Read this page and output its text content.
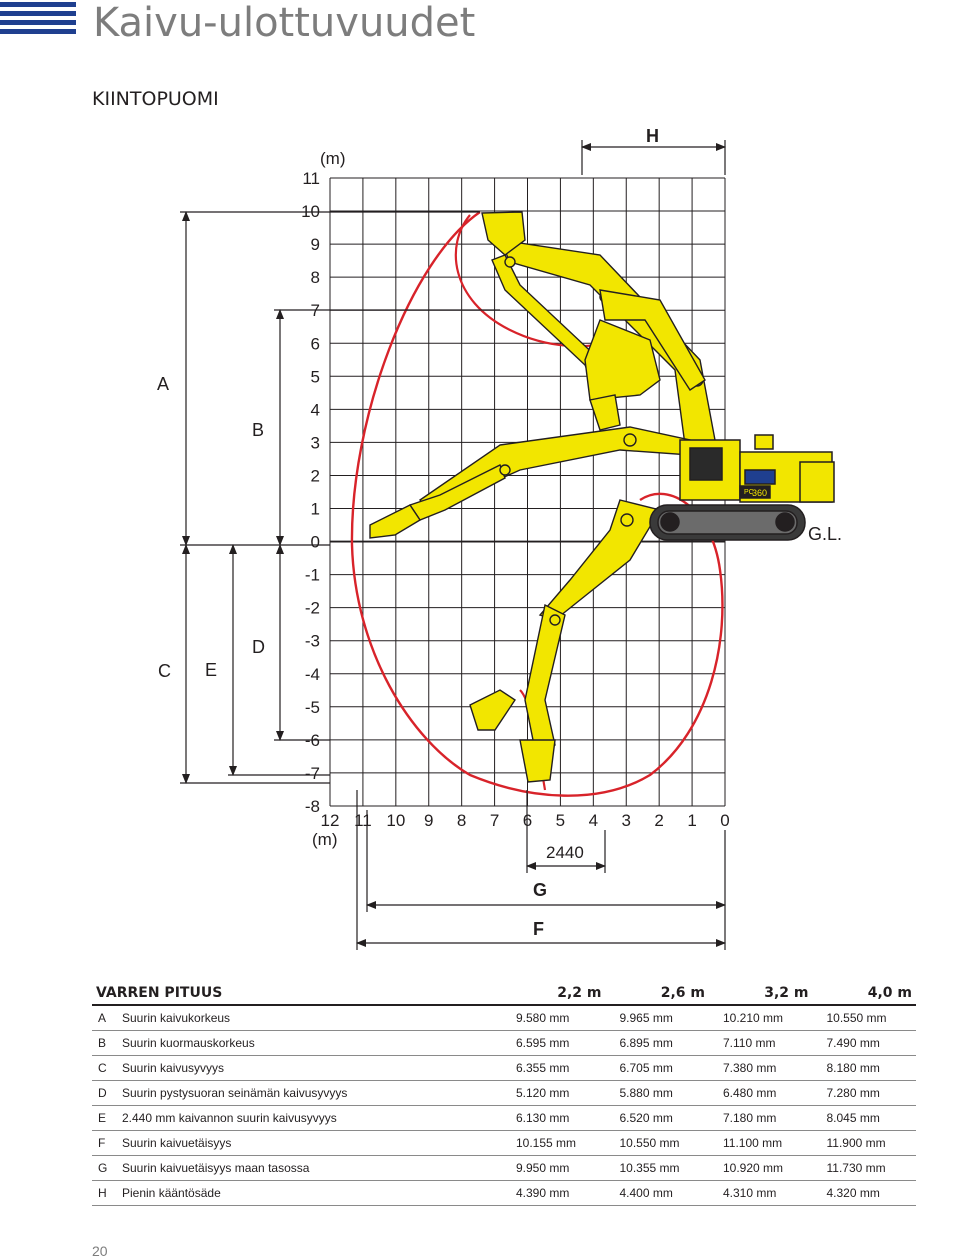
Kaivu-ulottuvuudet
KIINTOPUOMI
11
10
9
8
7
6
5
4
3
2
1
0
-1
-2
-3
-4
-5
-6
-7
-8
12 11 10 9 8 7 6 5 4 3 2 1 0
(m)
(m)
PC
360
G.L.
A
B
C E
D
H
2440
G
F
VARREN PITUUS		2,2 m	2,6 m	3,2 m	4,0 m
A	Suurin kaivukorkeus	9.580 mm	9.965 mm	10.210 mm	10.550 mm
B	Suurin kuormauskorkeus	6.595 mm	6.895 mm	7.110 mm	7.490 mm
C	Suurin kaivusyvyys	6.355 mm	6.705 mm	7.380 mm	8.180 mm
D	Suurin pystysuoran seinämän kaivusyvyys	5.120 mm	5.880 mm	6.480 mm	7.280 mm
E	2.440 mm kaivannon suurin kaivusyvyys	6.130 mm	6.520 mm	7.180 mm	8.045 mm
F	Suurin kaivuetäisyys	10.155 mm	10.550 mm	11.100 mm	11.900 mm
G	Suurin kaivuetäisyys maan tasossa	9.950 mm	10.355 mm	10.920 mm	11.730 mm
H	Pienin kääntösäde	4.390 mm	4.400 mm	4.310 mm	4.320 mm
20
